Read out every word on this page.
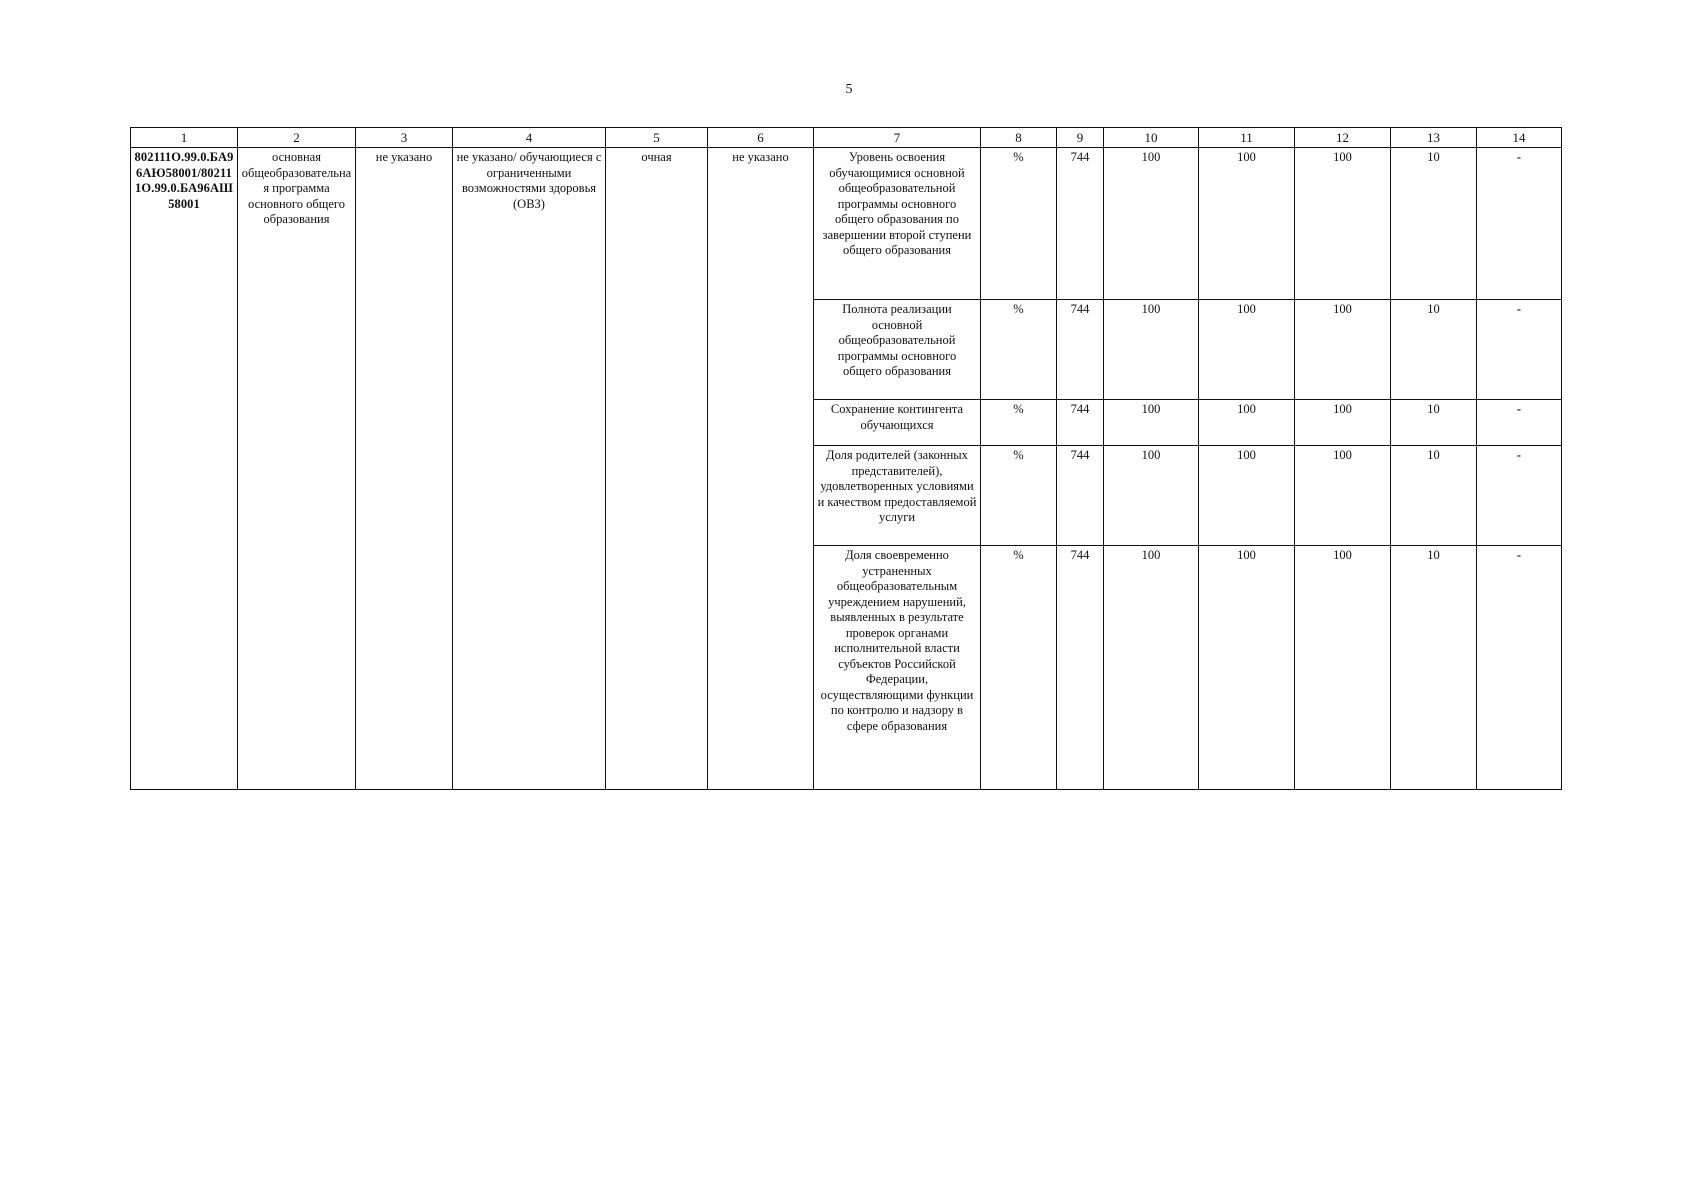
5
1	2	3	4	5	6	7	8	9	10	11	12	13	14
802111О.99.0.БА96АЮ58001/802111О.99.0.БА96АШ58001	основная общеобразовательная программа основного общего образования	не указано	не указано/ обучающиеся с ограниченными возможностями здоровья (ОВЗ)	очная	не указано	Уровень освоения обучающимися основной общеобразовательной программы основного общего образования по завершении второй ступени общего образования	%	744	100	100	100	10	-
						Полнота реализации основной общеобразовательной программы основного общего образования	%	744	100	100	100	10	-
						Сохранение контингента обучающихся	%	744	100	100	100	10	-
						Доля родителей (законных представителей), удовлетворенных условиями и качеством предоставляемой услуги	%	744	100	100	100	10	-
						Доля своевременно устраненных общеобразовательным учреждением нарушений, выявленных в результате проверок органами исполнительной власти субъектов Российской Федерации, осуществляющими функции по контролю и надзору в сфере образования	%	744	100	100	100	10	-
